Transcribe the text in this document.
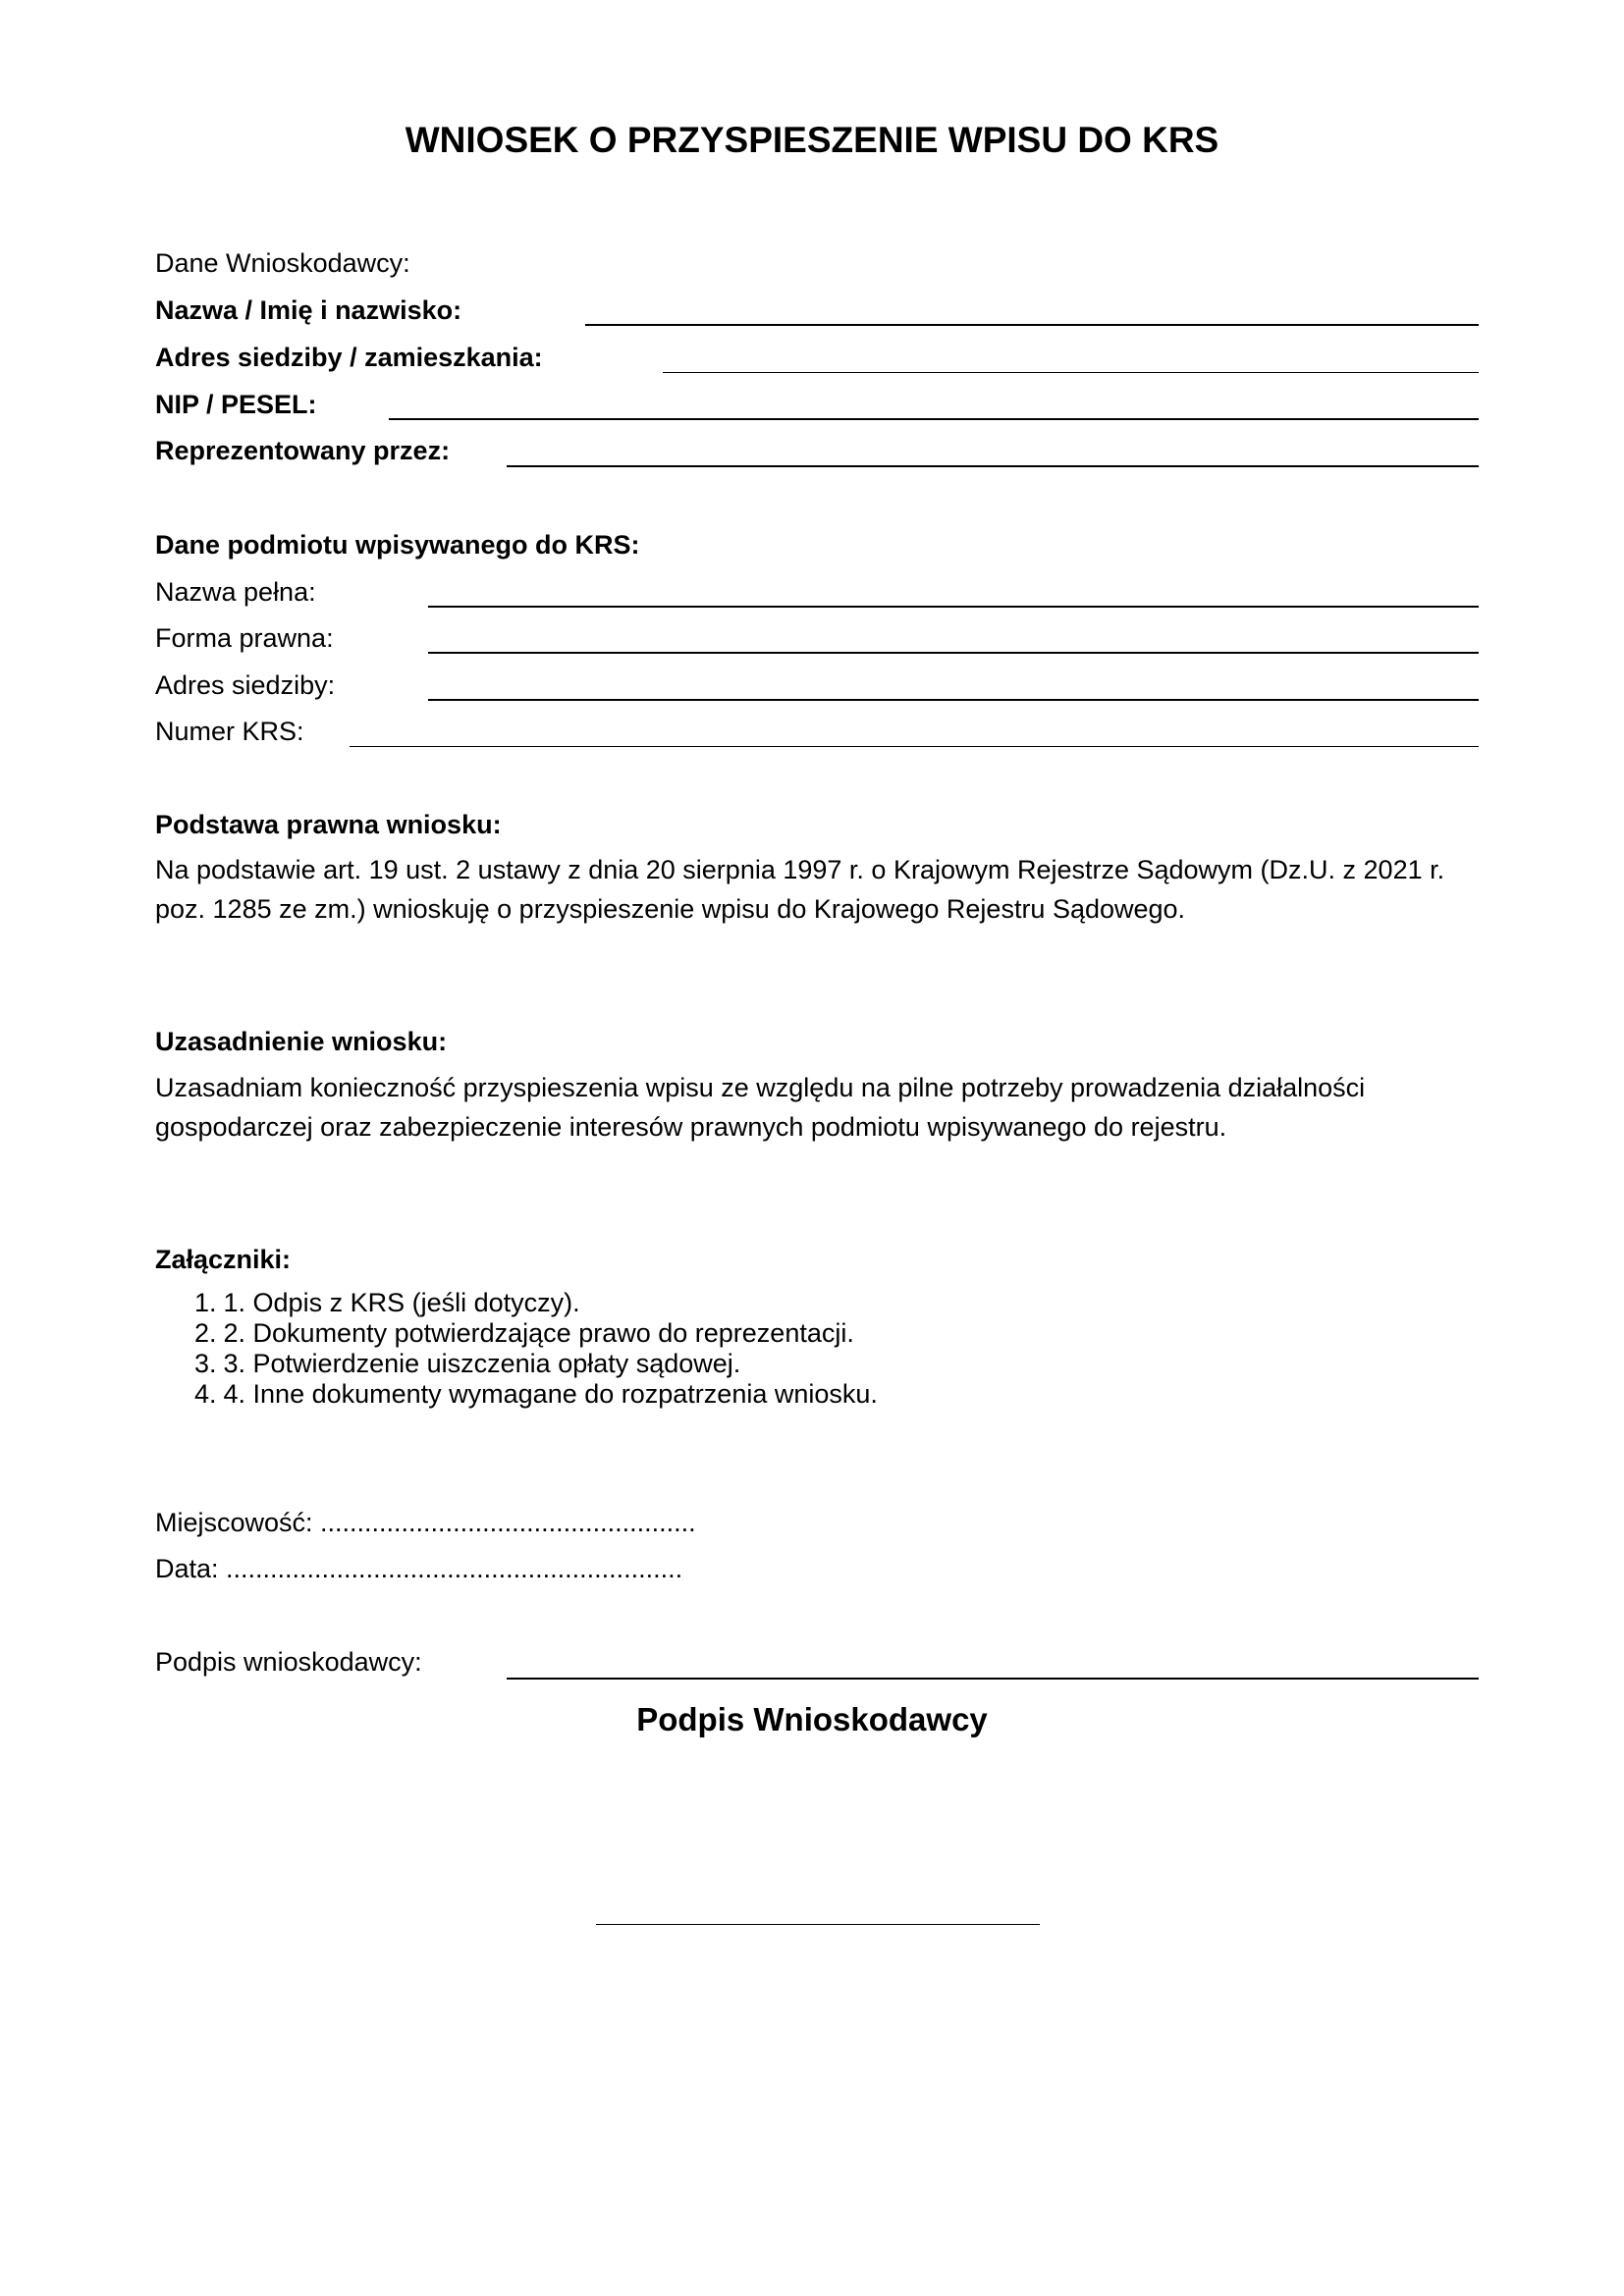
WNIOSEK O PRZYSPIESZENIE WPISU DO KRS
Dane Wnioskodawcy:
Nazwa / Imię i nazwisko:
Adres siedziby / zamieszkania:
NIP / PESEL:
Reprezentowany przez:
Dane podmiotu wpisywanego do KRS:
Nazwa pełna:
Forma prawna:
Adres siedziby:
Numer KRS:
Podstawa prawna wniosku:

Na podstawie art. 19 ust. 2 ustawy z dnia 20 sierpnia 1997 r. o Krajowym Rejestrze Sądowym (Dz.U. z 2021 r. poz. 1285 ze zm.) wnioskuję o przyspieszenie wpisu do Krajowego Rejestru Sądowego.

Uzasadnienie wniosku:

Uzasadniam konieczność przyspieszenia wpisu ze względu na pilne potrzeby prowadzenia działalności gospodarczej oraz zabezpieczenie interesów prawnych podmiotu wpisywanego do rejestru.

Załączniki:
1. 1. Odpis z KRS (jeśli dotyczy).
2. 2. Dokumenty potwierdzające prawo do reprezentacji.
3. 3. Potwierdzenie uiszczenia opłaty sądowej.
4. 4. Inne dokumenty wymagane do rozpatrzenia wniosku.
Miejscowość: ...................................................
Data: ..............................................................
Podpis wnioskodawcy:
Podpis Wnioskodawcy
